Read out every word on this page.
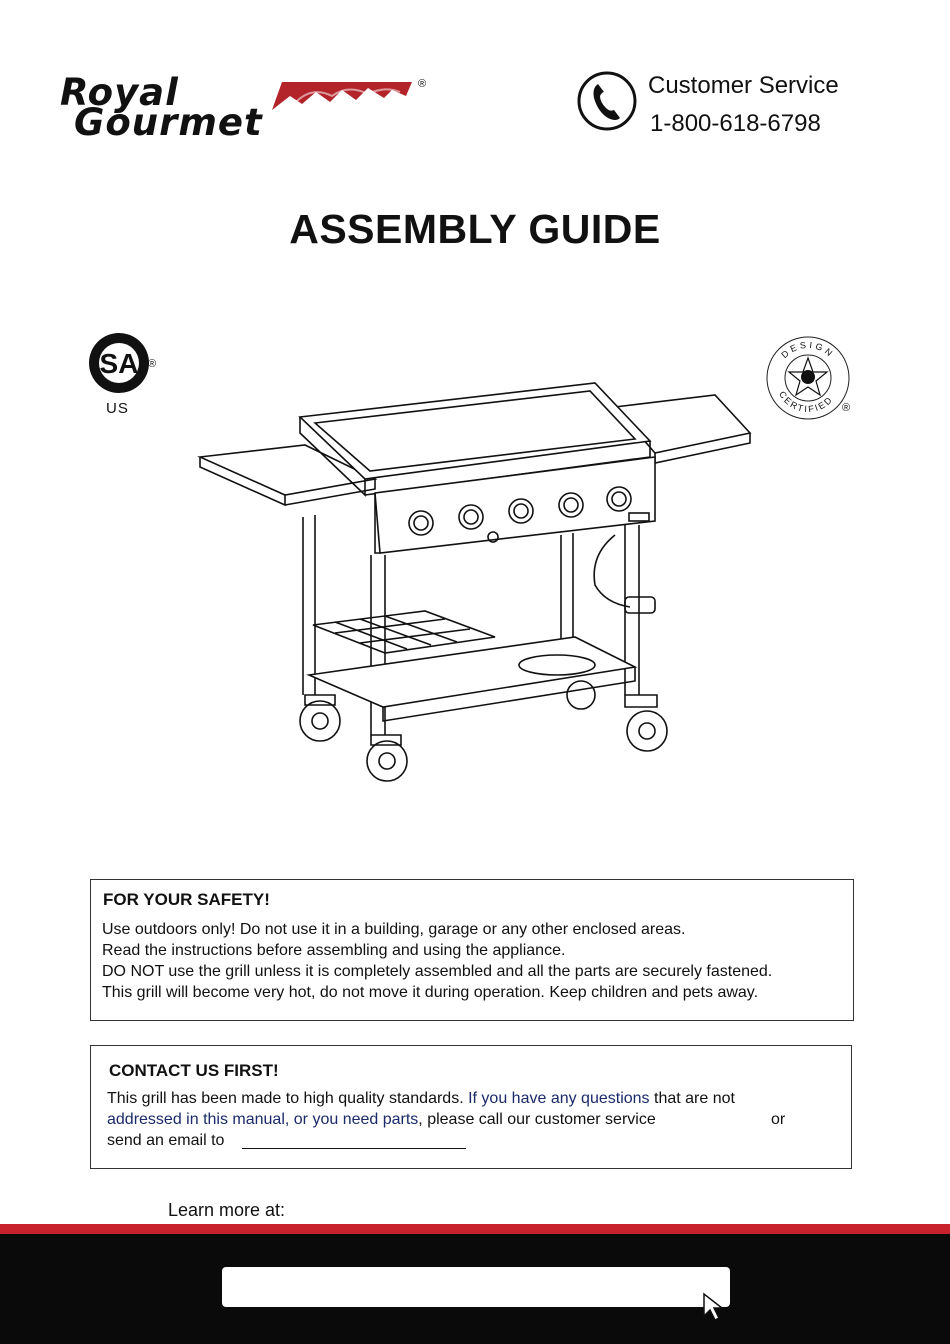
Royal
Gourmet
®	Customer Service
1-800-618-6798
ASSEMBLY GUIDE
SA ®
US
DESIGN
CERTIFIED
®
FOR YOUR SAFETY!
Use outdoors only! Do not use it in a building, garage or any other enclosed areas.
Read the instructions before assembling and using the appliance.
DO NOT use the grill unless it is completely assembled and all the parts are securely fastened.
This grill will become very hot, do not move it during operation. Keep children and pets away.
CONTACT US FIRST!
This grill has been made to high quality standards. If you have any questions that are not
addressed in this manual, or you need parts, please call our customer service	or
send an email to
Learn more at:
